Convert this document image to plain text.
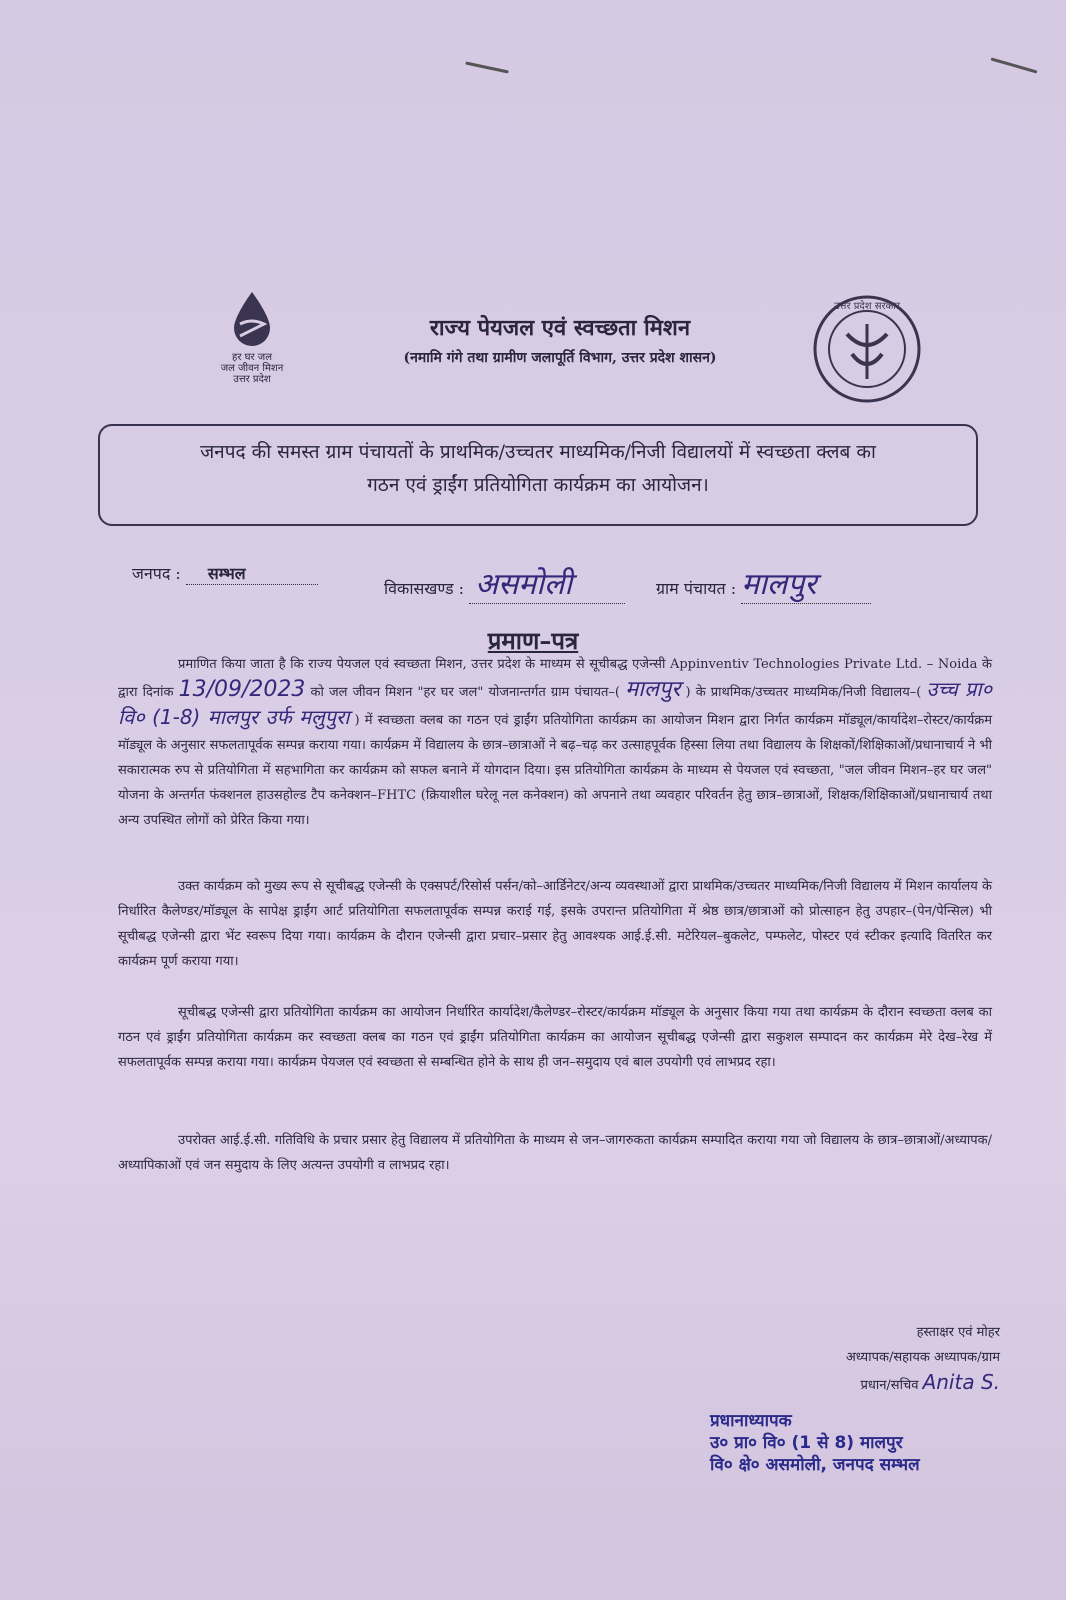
हर घर जल
जल जीवन मिशन
उत्तर प्रदेश
राज्य पेयजल एवं स्वच्छता मिशन
(नमामि गंगे तथा ग्रामीण जलापूर्ति विभाग, उत्तर प्रदेश शासन)
उत्तर प्रदेश सरकार
जनपद की समस्त ग्राम पंचायतों के प्राथमिक/उच्चतर माध्यमिक/निजी विद्यालयों में स्वच्छता क्लब का
गठन एवं ड्राईंग प्रतियोगिता कार्यक्रम का आयोजन।
जनपद : सम्भल
विकासखण्ड : असमोली	ग्राम पंचायत : मालपुर
प्रमाण–पत्र
प्रमाणित किया जाता है कि राज्य पेयजल एवं स्वच्छता मिशन, उत्तर प्रदेश के माध्यम से सूचीबद्ध एजेन्सी Appinventiv Technologies Private Ltd. – Noida के द्वारा दिनांक 13/09/2023 को जल जीवन मिशन "हर घर जल" योजनान्तर्गत ग्राम पंचायत–( मालपुर ) के प्राथमिक/उच्चतर माध्यमिक/निजी विद्यालय–( उच्च प्रा० वि० (1-8) मालपुर उर्फ मलुपुरा ) में स्वच्छता क्लब का गठन एवं ड्राईंग प्रतियोगिता कार्यक्रम का आयोजन मिशन द्वारा निर्गत कार्यक्रम मॉड्यूल/कार्यादेश–रोस्टर/कार्यक्रम मॉड्यूल के अनुसार सफलतापूर्वक सम्पन्न कराया गया। कार्यक्रम में विद्यालय के छात्र–छात्राओं ने बढ़–चढ़ कर उत्साहपूर्वक हिस्सा लिया तथा विद्यालय के शिक्षकों/शिक्षिकाओं/प्रधानाचार्य ने भी सकारात्मक रुप से प्रतियोगिता में सहभागिता कर कार्यक्रम को सफल बनाने में योगदान दिया। इस प्रतियोगिता कार्यक्रम के माध्यम से पेयजल एवं स्वच्छता, "जल जीवन मिशन–हर घर जल" योजना के अन्तर्गत फंक्शनल हाउसहोल्ड टैप कनेक्शन–FHTC (क्रियाशील घरेलू नल कनेक्शन) को अपनाने तथा व्यवहार परिवर्तन हेतु छात्र–छात्राओं, शिक्षक/शिक्षिकाओं/प्रधानाचार्य तथा अन्य उपस्थित लोगों को प्रेरित किया गया।
उक्त कार्यक्रम को मुख्य रूप से सूचीबद्ध एजेन्सी के एक्सपर्ट/रिसोर्स पर्सन/को–आर्डिनेटर/अन्य व्यवस्थाओं द्वारा प्राथमिक/उच्चतर माध्यमिक/निजी विद्यालय में मिशन कार्यालय के निर्धारित कैलेण्डर/मॉड्यूल के सापेक्ष ड्राईंग आर्ट प्रतियोगिता सफलतापूर्वक सम्पन्न कराई गई, इसके उपरान्त प्रतियोगिता में श्रेष्ठ छात्र/छात्राओं को प्रोत्साहन हेतु उपहार–(पेन/पेन्सिल) भी सूचीबद्ध एजेन्सी द्वारा भेंट स्वरूप दिया गया। कार्यक्रम के दौरान एजेन्सी द्वारा प्रचार–प्रसार हेतु आवश्यक आई.ई.सी. मटेरियल–बुकलेट, पम्फलेट, पोस्टर एवं स्टीकर इत्यादि वितरित कर कार्यक्रम पूर्ण कराया गया।
सूचीबद्ध एजेन्सी द्वारा प्रतियोगिता कार्यक्रम का आयोजन निर्धारित कार्यादेश/कैलेण्डर–रोस्टर/कार्यक्रम मॉड्यूल के अनुसार किया गया तथा कार्यक्रम के दौरान स्वच्छता क्लब का गठन एवं ड्राईंग प्रतियोगिता कार्यक्रम कर स्वच्छता क्लब का गठन एवं ड्राईंग प्रतियोगिता कार्यक्रम का आयोजन सूचीबद्ध एजेन्सी द्वारा सकुशल सम्पादन कर कार्यक्रम मेरे देख–रेख में सफलतापूर्वक सम्पन्न कराया गया। कार्यक्रम पेयजल एवं स्वच्छता से सम्बन्धित होने के साथ ही जन–समुदाय एवं बाल उपयोगी एवं लाभप्रद रहा।
उपरोक्त आई.ई.सी. गतिविधि के प्रचार प्रसार हेतु विद्यालय में प्रतियोगिता के माध्यम से जन–जागरुकता कार्यक्रम सम्पादित कराया गया जो विद्यालय के छात्र–छात्राओं/अध्यापक/अध्यापिकाओं एवं जन समुदाय के लिए अत्यन्त उपयोगी व लाभप्रद रहा।
हस्ताक्षर एवं मोहर
अध्यापक/सहायक अध्यापक/ग्राम
प्रधान/सचिव Anita S.
प्रधानाध्यापक
उ० प्रा० वि० (1 से 8) मालपुर
वि० क्षे० असमोली, जनपद सम्भल
